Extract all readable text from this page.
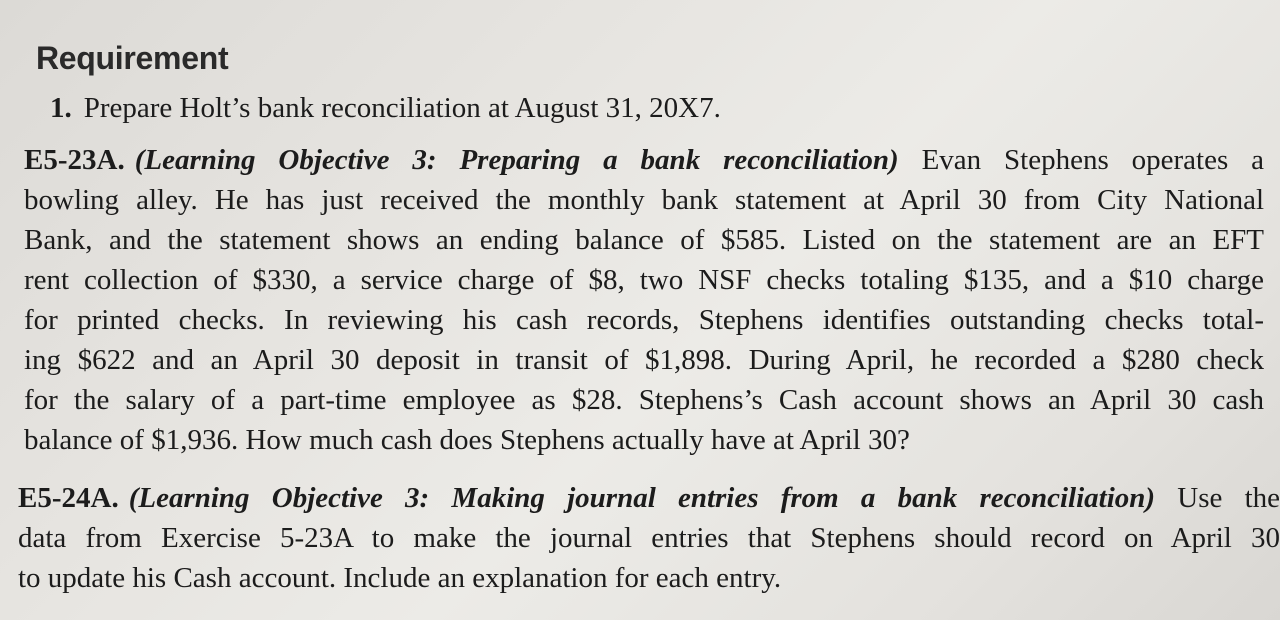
Requirement
1. Prepare Holt’s bank reconciliation at August 31, 20X7.
E5-23A. (Learning Objective 3: Preparing a bank reconciliation) Evan Stephens operates a
bowling alley. He has just received the monthly bank statement at April 30 from City National
Bank, and the statement shows an ending balance of $585. Listed on the statement are an EFT
rent collection of $330, a service charge of $8, two NSF checks totaling $135, and a $10 charge
for printed checks. In reviewing his cash records, Stephens identifies outstanding checks total-
ing $622 and an April 30 deposit in transit of $1,898. During April, he recorded a $280 check
for the salary of a part-time employee as $28. Stephens’s Cash account shows an April 30 cash
balance of $1,936. How much cash does Stephens actually have at April 30?
E5-24A. (Learning Objective 3: Making journal entries from a bank reconciliation) Use the
data from Exercise 5-23A to make the journal entries that Stephens should record on April 30
to update his Cash account. Include an explanation for each entry.
